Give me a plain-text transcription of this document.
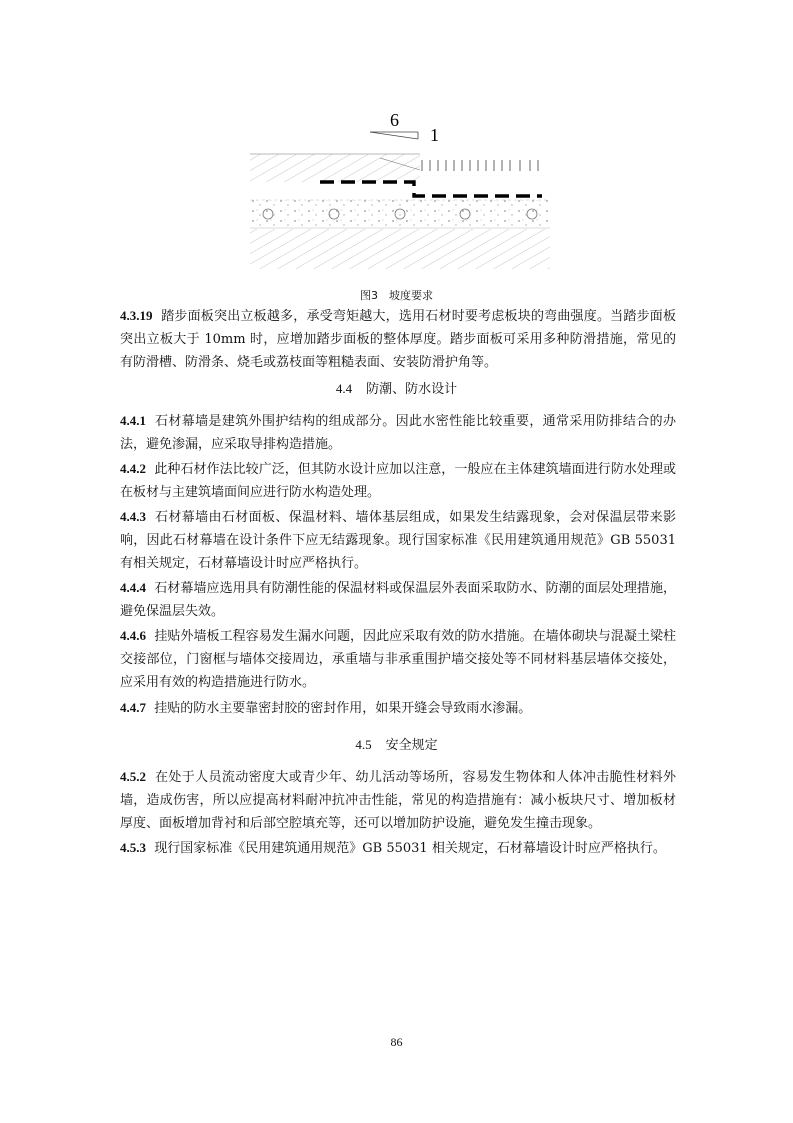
6
1
图3　坡度要求
4.3.19 踏步面板突出立板越多，承受弯矩越大，选用石材时要考虑板块的弯曲强度。当踏步面板突出立板大于 10mm 时，应增加踏步面板的整体厚度。踏步面板可采用多种防滑措施，常见的有防滑槽、防滑条、烧毛或荔枝面等粗糙表面、安装防滑护角等。
4.4 防潮、防水设计
4.4.1 石材幕墙是建筑外围护结构的组成部分。因此水密性能比较重要，通常采用防排结合的办法，避免渗漏，应采取导排构造措施。
4.4.2 此种石材作法比较广泛，但其防水设计应加以注意，一般应在主体建筑墙面进行防水处理或在板材与主建筑墙面间应进行防水构造处理。
4.4.3 石材幕墙由石材面板、保温材料、墙体基层组成，如果发生结露现象，会对保温层带来影响，因此石材幕墙在设计条件下应无结露现象。现行国家标准《民用建筑通用规范》GB 55031 有相关规定，石材幕墙设计时应严格执行。
4.4.4 石材幕墙应选用具有防潮性能的保温材料或保温层外表面采取防水、防潮的面层处理措施，避免保温层失效。
4.4.6 挂贴外墙板工程容易发生漏水问题，因此应采取有效的防水措施。在墙体砌块与混凝土梁柱交接部位，门窗框与墙体交接周边，承重墙与非承重围护墙交接处等不同材料基层墙体交接处，应采用有效的构造措施进行防水。
4.4.7 挂贴的防水主要靠密封胶的密封作用，如果开缝会导致雨水渗漏。
4.5 安全规定
4.5.2 在处于人员流动密度大或青少年、幼儿活动等场所，容易发生物体和人体冲击脆性材料外墙，造成伤害，所以应提高材料耐冲抗冲击性能，常见的构造措施有：减小板块尺寸、增加板材厚度、面板增加背衬和后部空腔填充等，还可以增加防护设施，避免发生撞击现象。
4.5.3 现行国家标准《民用建筑通用规范》GB 55031 相关规定，石材幕墙设计时应严格执行。
86
